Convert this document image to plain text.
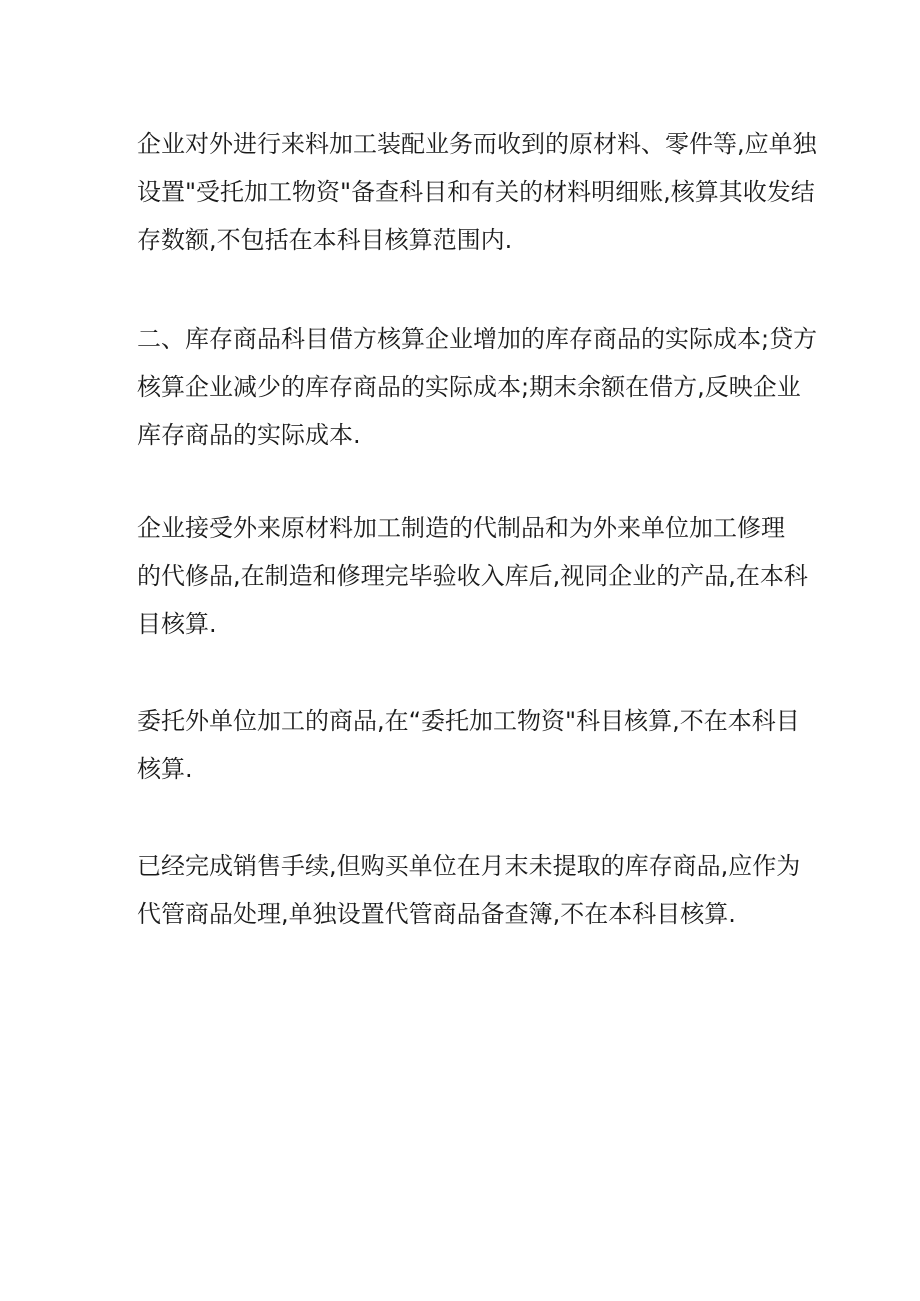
企业对外进行来料加工装配业务而收到的原材料、零件等,应单独
设置"受托加工物资"备查科目和有关的材料明细账,核算其收发结
存数额,不包括在本科目核算范围内.
二、库存商品科目借方核算企业增加的库存商品的实际成本;贷方
核算企业减少的库存商品的实际成本;期末余额在借方,反映企业
库存商品的实际成本.
企业接受外来原材料加工制造的代制品和为外来单位加工修理
的代修品,在制造和修理完毕验收入库后,视同企业的产品,在本科
目核算.
委托外单位加工的商品,在“委托加工物资"科目核算,不在本科目
核算.
已经完成销售手续,但购买单位在月末未提取的库存商品,应作为
代管商品处理,单独设置代管商品备查簿,不在本科目核算.
